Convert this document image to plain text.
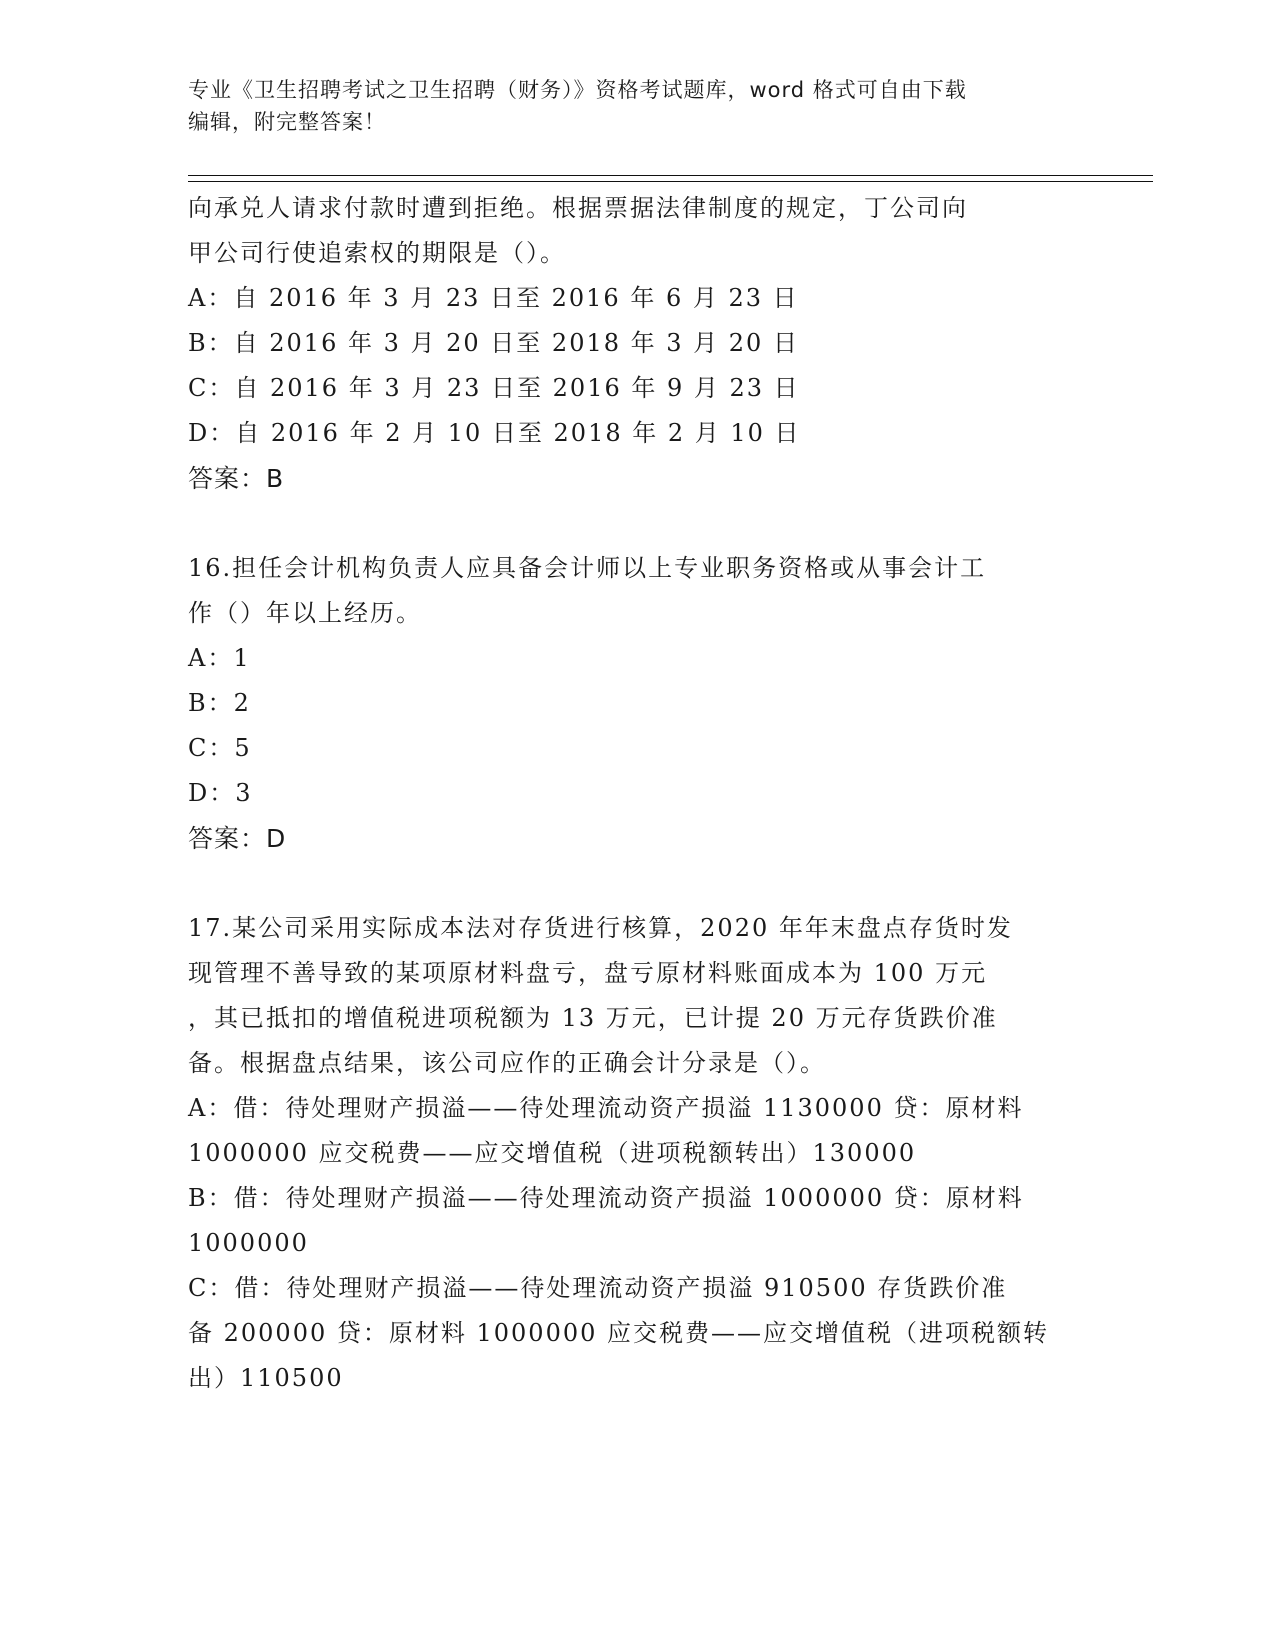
专业《卫生招聘考试之卫生招聘（财务）》资格考试题库，word 格式可自由下载
编辑，附完整答案！
向承兑人请求付款时遭到拒绝。根据票据法律制度的规定，丁公司向
甲公司行使追索权的期限是（）。
A：自 2016 年 3 月 23 日至 2016 年 6 月 23 日
B：自 2016 年 3 月 20 日至 2018 年 3 月 20 日
C：自 2016 年 3 月 23 日至 2016 年 9 月 23 日
D：自 2016 年 2 月 10 日至 2018 年 2 月 10 日
答案：B
16.担任会计机构负责人应具备会计师以上专业职务资格或从事会计工
作（）年以上经历。
A：1
B：2
C：5
D：3
答案：D
17.某公司采用实际成本法对存货进行核算，2020 年年末盘点存货时发
现管理不善导致的某项原材料盘亏，盘亏原材料账面成本为 100 万元
，其已抵扣的增值税进项税额为 13 万元，已计提 20 万元存货跌价准
备。根据盘点结果，该公司应作的正确会计分录是（）。
A：借：待处理财产损溢——待处理流动资产损溢 1130000 贷：原材料
1000000 应交税费——应交增值税（进项税额转出）130000
B：借：待处理财产损溢——待处理流动资产损溢 1000000 贷：原材料
1000000
C：借：待处理财产损溢——待处理流动资产损溢 910500 存货跌价准
备 200000 贷：原材料 1000000 应交税费——应交增值税（进项税额转
出）110500
